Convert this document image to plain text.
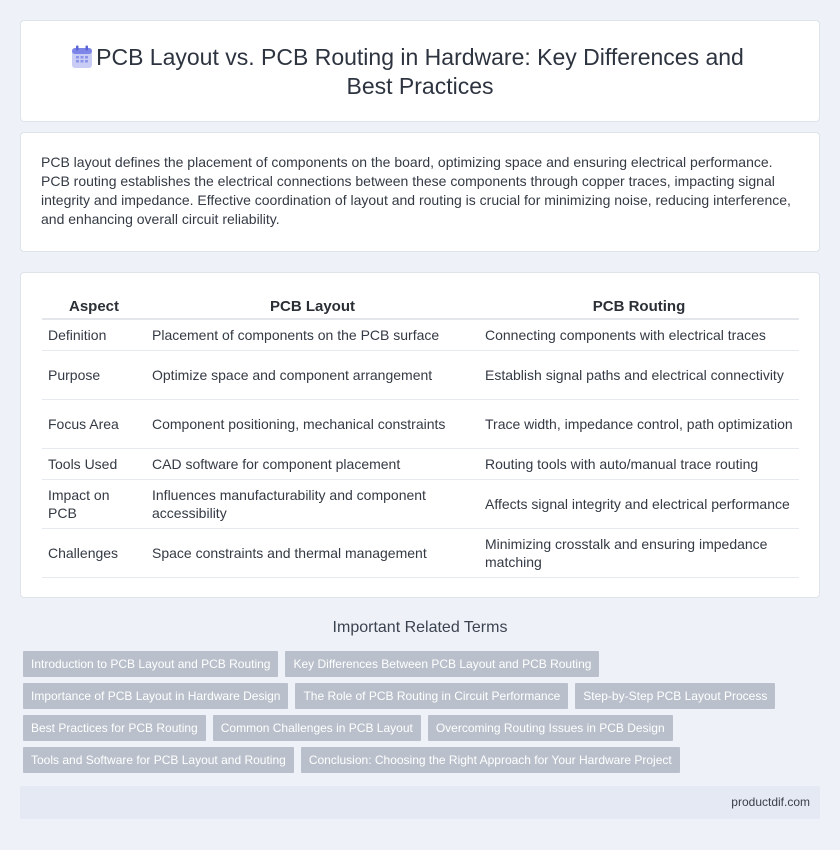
PCB Layout vs. PCB Routing in Hardware: Key Differences and
Best Practices

PCB layout defines the placement of components on the board, optimizing space and ensuring electrical performance. PCB routing establishes the electrical connections between these components through copper traces, impacting signal integrity and impedance. Effective coordination of layout and routing is crucial for minimizing noise, reducing interference, and enhancing overall circuit reliability.

Aspect	PCB Layout	PCB Routing
Definition	Placement of components on the PCB surface	Connecting components with electrical traces
Purpose	Optimize space and component arrangement	Establish signal paths and electrical connectivity
Focus Area	Component positioning, mechanical constraints	Trace width, impedance control, path optimization
Tools Used	CAD software for component placement	Routing tools with auto/manual trace routing
Impact on PCB	Influences manufacturability and component accessibility	Affects signal integrity and electrical performance
Challenges	Space constraints and thermal management	Minimizing crosstalk and ensuring impedance matching
Important Related Terms
Introduction to PCB Layout and PCB Routing	Key Differences Between PCB Layout and PCB Routing
Importance of PCB Layout in Hardware Design	The Role of PCB Routing in Circuit Performance	Step-by-Step PCB Layout Process
Best Practices for PCB Routing	Common Challenges in PCB Layout	Overcoming Routing Issues in PCB Design
Tools and Software for PCB Layout and Routing	Conclusion: Choosing the Right Approach for Your Hardware Project
productdif.com
